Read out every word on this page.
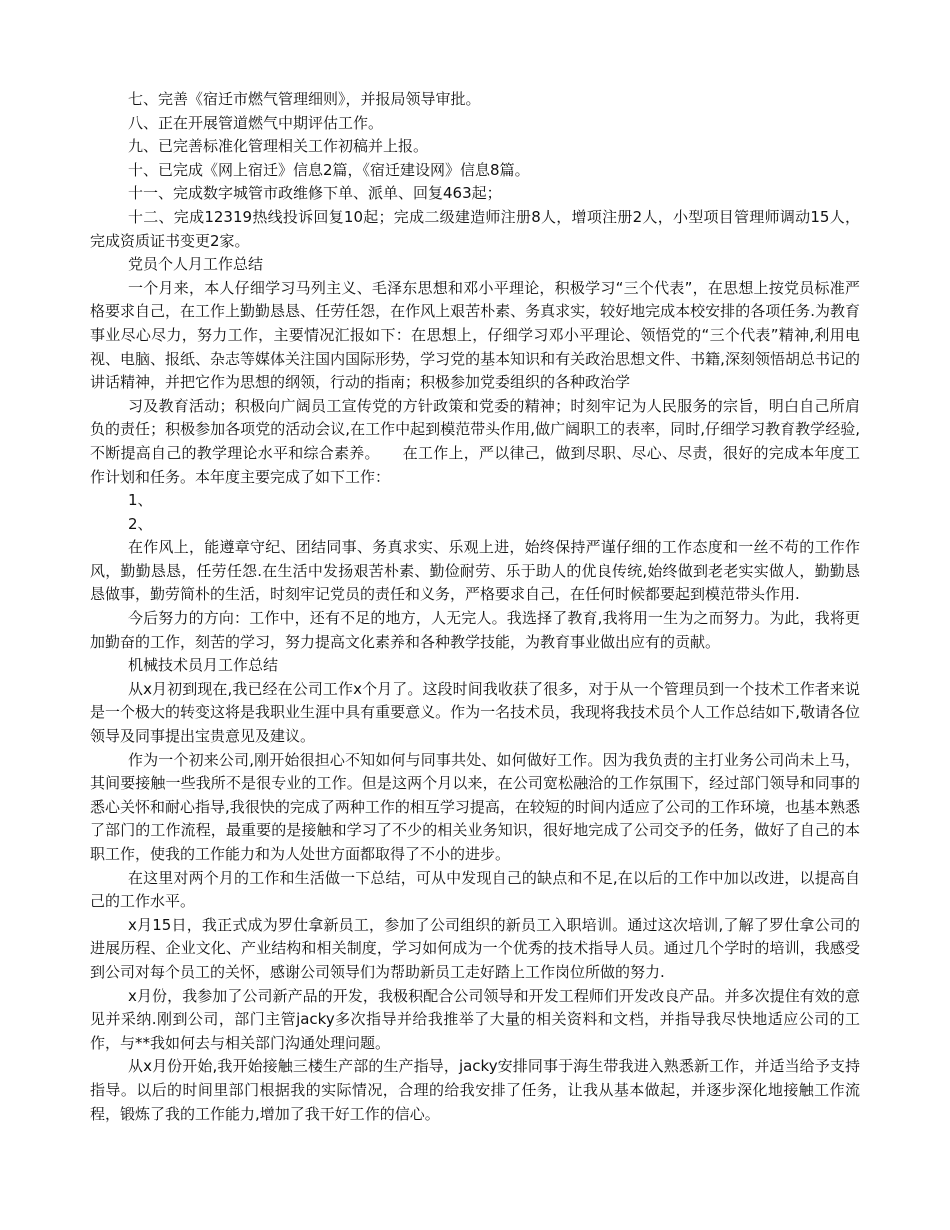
七、完善《宿迁市燃气管理细则》，并报局领导审批。

八、正在开展管道燃气中期评估工作。

九、已完善标准化管理相关工作初稿并上报。

十、已完成《网上宿迁》信息2篇，《宿迁建设网》信息8篇。

十一、完成数字城管市政维修下单、派单、回复463起；

十二、完成12319热线投诉回复10起；完成二级建造师注册8人，增项注册2人，小型项目管理师调动15人，完成资质证书变更2家。

党员个人月工作总结

一个月来，本人仔细学习马列主义、毛泽东思想和邓小平理论，积极学习“三个代表”，在思想上按党员标准严格要求自己，在工作上勤勤恳恳、任劳任怨，在作风上艰苦朴素、务真求实，较好地完成本校安排的各项任务.为教育事业尽心尽力，努力工作，主要情况汇报如下：在思想上，仔细学习邓小平理论、领悟党的“三个代表”精神,利用电视、电脑、报纸、杂志等媒体关注国内国际形势，学习党的基本知识和有关政治思想文件、书籍,深刻领悟胡总书记的讲话精神，并把它作为思想的纲领，行动的指南；积极参加党委组织的各种政治学

习及教育活动；积极向广阔员工宣传党的方针政策和党委的精神；时刻牢记为人民服务的宗旨，明白自己所肩负的责任；积极参加各项党的活动会议,在工作中起到模范带头作用,做广阔职工的表率，同时,仔细学习教育教学经验,不断提高自己的教学理论水平和综合素养。　　在工作上，严以律己，做到尽职、尽心、尽责，很好的完成本年度工作计划和任务。本年度主要完成了如下工作：

1、

2、

在作风上，能遵章守纪、团结同事、务真求实、乐观上进，始终保持严谨仔细的工作态度和一丝不苟的工作作风，勤勤恳恳，任劳任怨.在生活中发扬艰苦朴素、勤俭耐劳、乐于助人的优良传统,始终做到老老实实做人，勤勤恳恳做事，勤劳简朴的生活，时刻牢记党员的责任和义务，严格要求自己，在任何时候都要起到模范带头作用.

今后努力的方向：工作中，还有不足的地方，人无完人。我选择了教育,我将用一生为之而努力。为此，我将更加勤奋的工作，刻苦的学习，努力提高文化素养和各种教学技能，为教育事业做出应有的贡献。

机械技术员月工作总结

从x月初到现在,我已经在公司工作x个月了。这段时间我收获了很多，对于从一个管理员到一个技术工作者来说是一个极大的转变这将是我职业生涯中具有重要意义。作为一名技术员，我现将我技术员个人工作总结如下,敬请各位领导及同事提出宝贵意见及建议。

作为一个初来公司,刚开始很担心不知如何与同事共处、如何做好工作。因为我负责的主打业务公司尚未上马，其间要接触一些我所不是很专业的工作。但是这两个月以来，在公司宽松融洽的工作氛围下，经过部门领导和同事的悉心关怀和耐心指导,我很快的完成了两种工作的相互学习提高，在较短的时间内适应了公司的工作环境，也基本熟悉了部门的工作流程，最重要的是接触和学习了不少的相关业务知识，很好地完成了公司交予的任务，做好了自己的本职工作，使我的工作能力和为人处世方面都取得了不小的进步。

在这里对两个月的工作和生活做一下总结，可从中发现自己的缺点和不足,在以后的工作中加以改进，以提高自己的工作水平。

x月15日，我正式成为罗仕拿新员工，参加了公司组织的新员工入职培训。通过这次培训,了解了罗仕拿公司的进展历程、企业文化、产业结构和相关制度，学习如何成为一个优秀的技术指导人员。通过几个学时的培训，我感受到公司对每个员工的关怀，感谢公司领导们为帮助新员工走好踏上工作岗位所做的努力.

x月份，我参加了公司新产品的开发，我极积配合公司领导和开发工程师们开发改良产品。并多次提住有效的意见并采纳.刚到公司，部门主管jacky多次指导并给我推举了大量的相关资料和文档，并指导我尽快地适应公司的工作，与**我如何去与相关部门沟通处理问题。

从x月份开始,我开始接触三楼生产部的生产指导，jacky安排同事于海生带我进入熟悉新工作，并适当给予支持指导。以后的时间里部门根据我的实际情况，合理的给我安排了任务，让我从基本做起，并逐步深化地接触工作流程，锻炼了我的工作能力,增加了我干好工作的信心。
